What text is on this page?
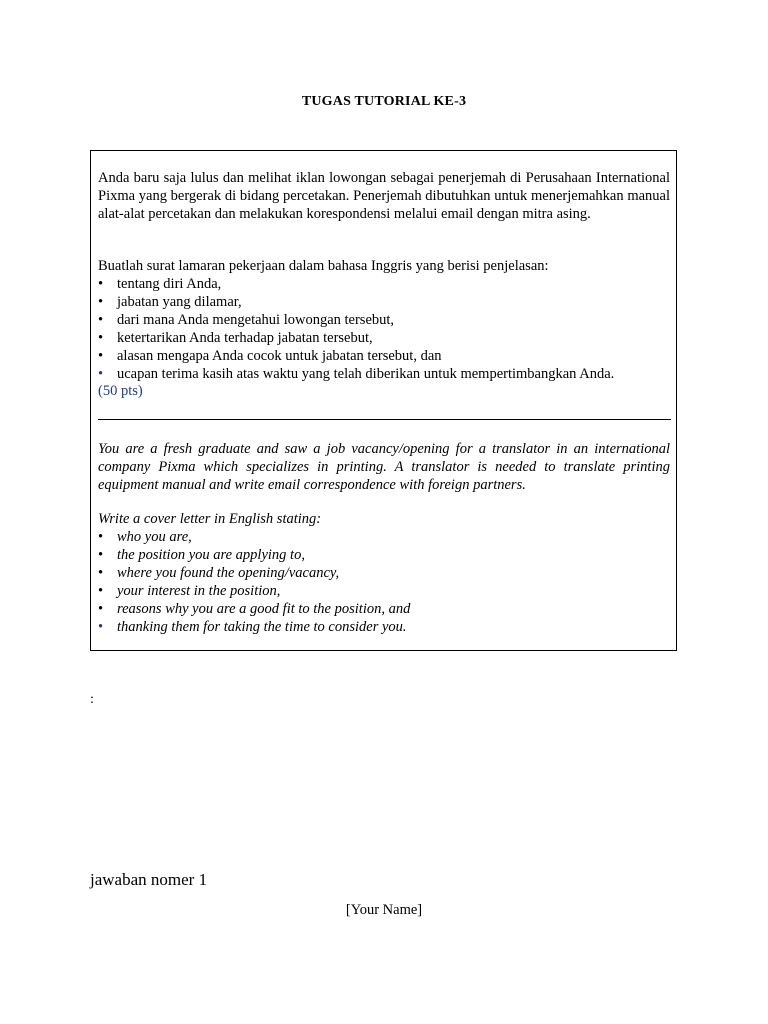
TUGAS TUTORIAL KE-3
Anda baru saja lulus dan melihat iklan lowongan sebagai penerjemah di Perusahaan International Pixma yang bergerak di bidang percetakan. Penerjemah dibutuhkan untuk menerjemahkan manual alat-alat percetakan dan melakukan korespondensi melalui email dengan mitra asing.
Buatlah surat lamaran pekerjaan dalam bahasa Inggris yang berisi penjelasan:
• tentang diri Anda,
• jabatan yang dilamar,
• dari mana Anda mengetahui lowongan tersebut,
• ketertarikan Anda terhadap jabatan tersebut,
• alasan mengapa Anda cocok untuk jabatan tersebut, dan
• ucapan terima kasih atas waktu yang telah diberikan untuk mempertimbangkan Anda.
(50 pts)
You are a fresh graduate and saw a job vacancy/opening for a translator in an international company Pixma which specializes in printing. A translator is needed to translate printing equipment manual and write email correspondence with foreign partners.
Write a cover letter in English stating:
• who you are,
• the position you are applying to,
• where you found the opening/vacancy,
• your interest in the position,
• reasons why you are a good fit to the position, and
• thanking them for taking the time to consider you.
:
jawaban nomer 1
[Your Name]
